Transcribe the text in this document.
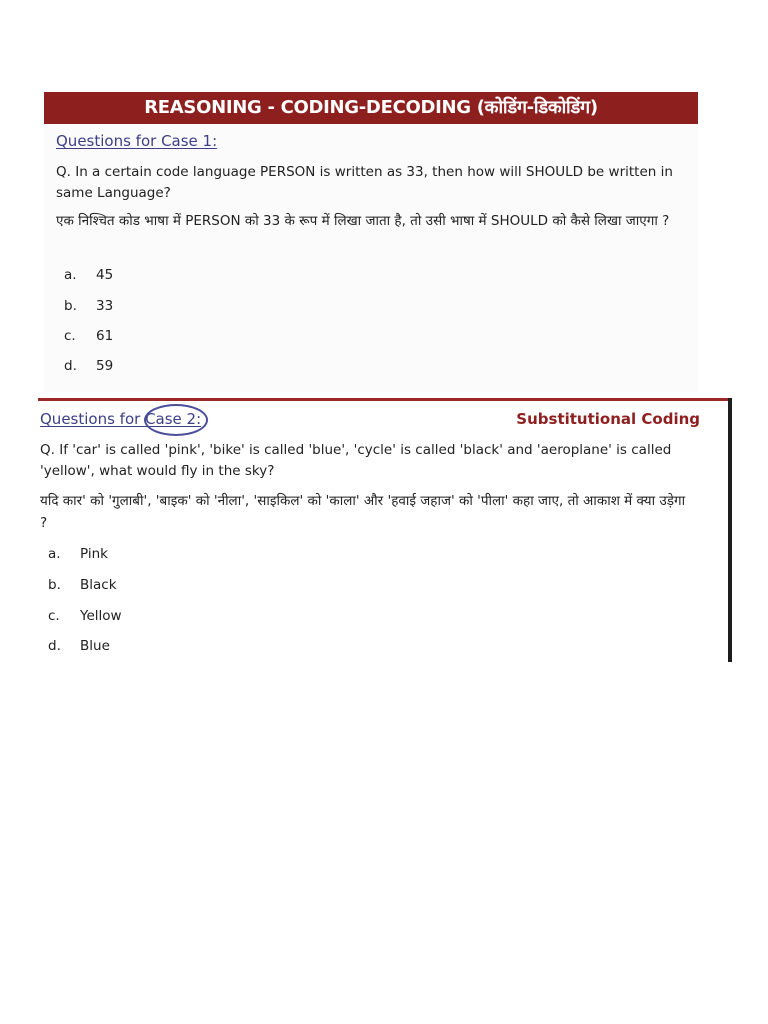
REASONING - CODING-DECODING (कोडिंग-डिकोडिंग)
Questions for Case 1:
Q. In a certain code language PERSON is written as 33, then how will SHOULD be written in same Language?
एक निश्चित कोड भाषा में PERSON को 33 के रूप में लिखा जाता है, तो उसी भाषा में SHOULD को कैसे लिखा जाएगा ?
a. 45
b. 33
c. 61
d. 59
Questions for Case 2:	Substitutional Coding
Q. If 'car' is called 'pink', 'bike' is called 'blue', 'cycle' is called 'black' and 'aeroplane' is called 'yellow', what would fly in the sky?
यदि कार' को 'गुलाबी', 'बाइक' को 'नीला', 'साइकिल' को 'काला' और 'हवाई जहाज' को 'पीला' कहा जाए, तो आकाश में क्या उड़ेगा ?
a. Pink
b. Black
c. Yellow
d. Blue
